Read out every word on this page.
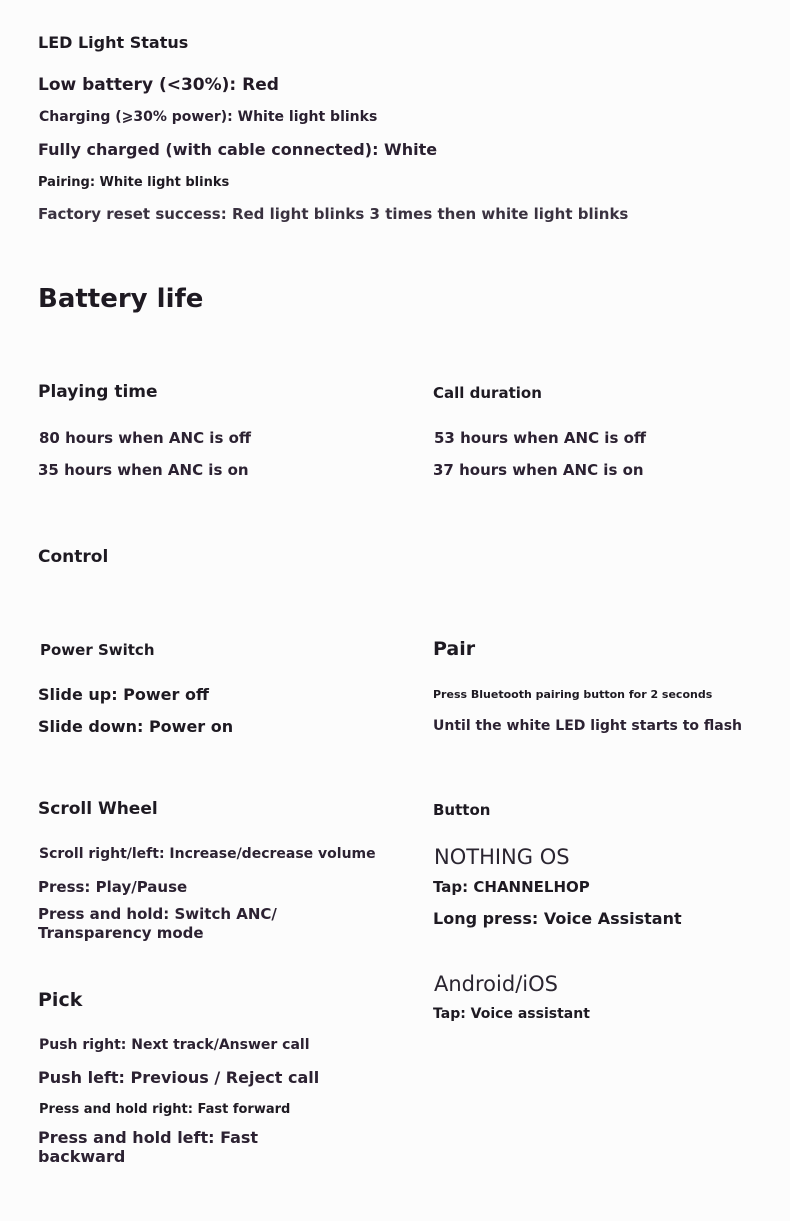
LED Light Status

Low battery (<30%): Red

Charging (⩾30% power): White light blinks

Fully charged (with cable connected): White

Pairing: White light blinks

Factory reset success: Red light blinks 3 times then white light blinks

Battery life

Playing time

80 hours when ANC is off

35 hours when ANC is on

Call duration

53 hours when ANC is off

37 hours when ANC is on

Control

Power Switch

Slide up: Power off

Slide down: Power on

Pair

Press Bluetooth pairing button for 2 seconds

Until the white LED light starts to flash

Scroll Wheel

Scroll right/left: Increase/decrease volume

Press: Play/Pause

Press and hold: Switch ANC/

Transparency mode

Button

NOTHING OS

Tap: CHANNELHOP

Long press: Voice Assistant

Android/iOS

Tap: Voice assistant

Pick

Push right: Next track/Answer call

Push left: Previous / Reject call

Press and hold right: Fast forward

Press and hold left: Fast

backward
